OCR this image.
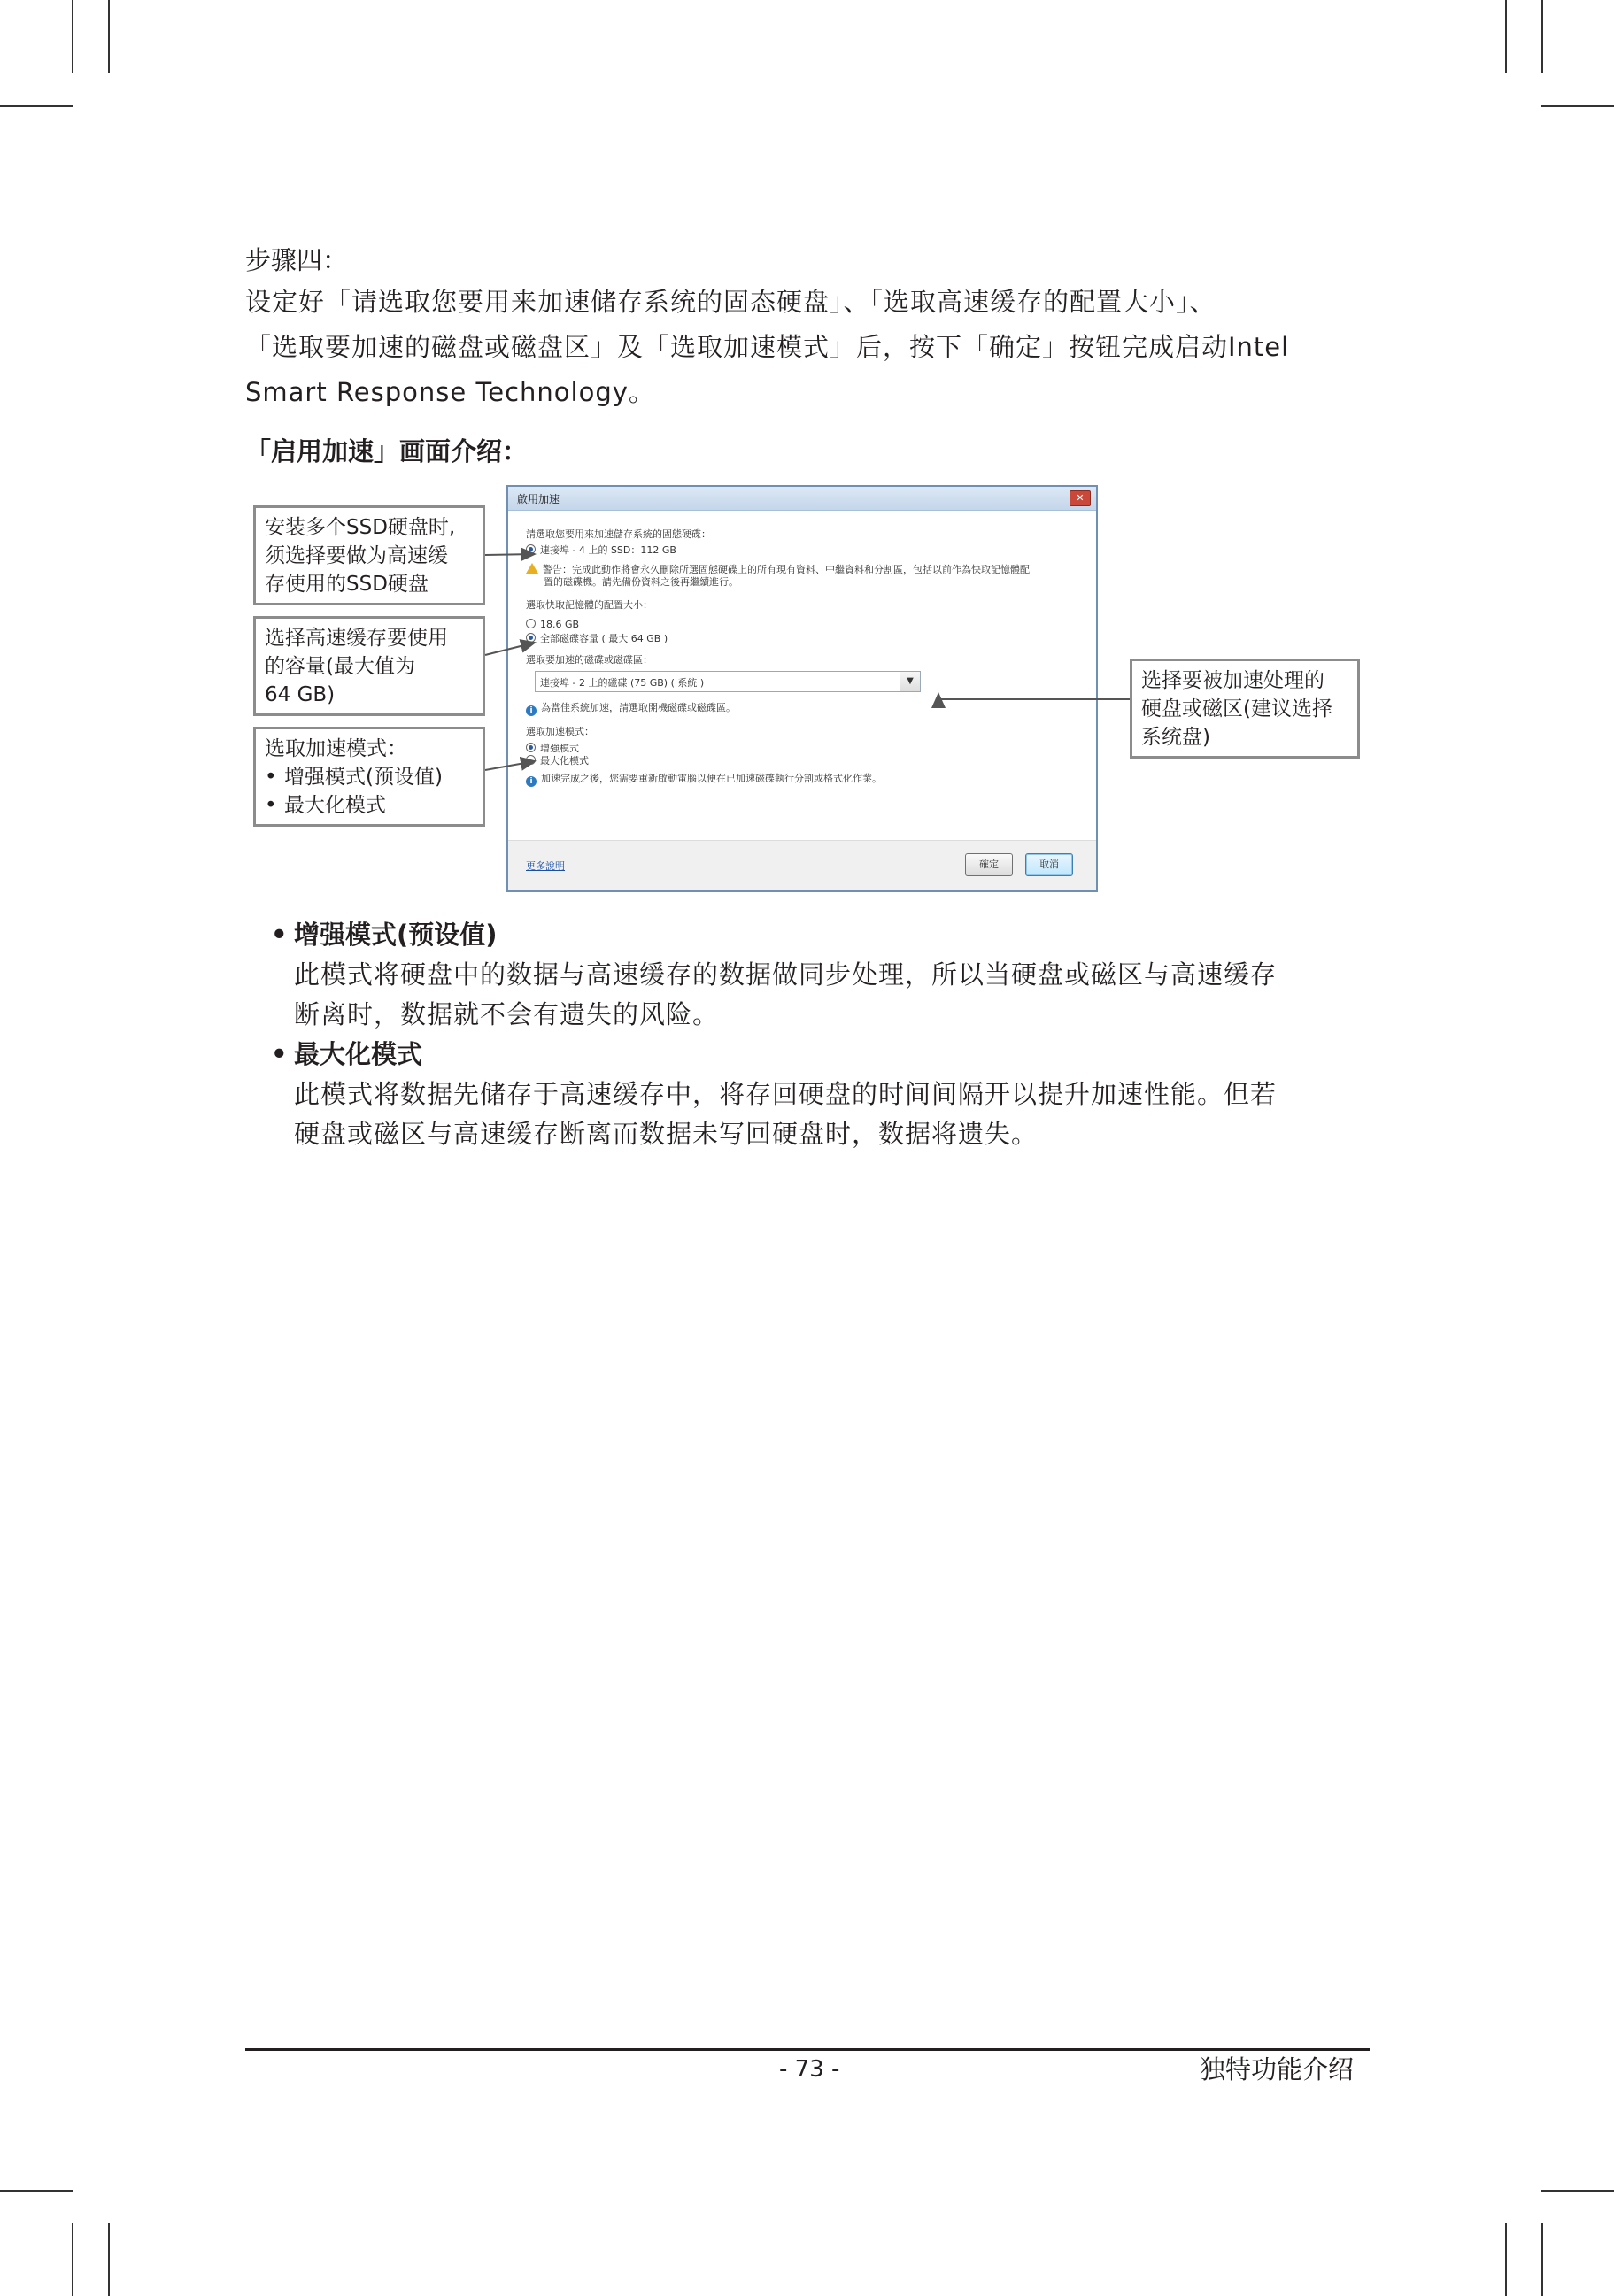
步骤四：

设定好「请选取您要用来加速储存系统的固态硬盘」、「选取高速缓存的配置大小」、

「选取要加速的磁盘或磁盘区」及「选取加速模式」后，按下「确定」按钮完成启动Intel

Smart Response Technology。

「启用加速」画面介绍：
安装多个SSD硬盘时,
须选择要做为高速缓
存使用的SSD硬盘
选择高速缓存要使用
的容量(最大值为
64 GB)
选取加速模式：
• 增强模式(预设值)
• 最大化模式
选择要被加速处理的
硬盘或磁区(建议选择
系统盘)
啟用加速	✕
請選取您要用來加速儲存系統的固態硬碟：
連接埠 - 4 上的 SSD：112 GB
警告：完成此動作將會永久刪除所選固態硬碟上的所有現有資料、中繼資料和分割區，包括以前作為快取記憶體配
置的磁碟機。請先備份資料之後再繼續進行。
選取快取記憶體的配置大小：
18.6 GB
全部磁碟容量 ( 最大 64 GB )
選取要加速的磁碟或磁碟區：
連接埠 - 2 上的磁碟 (75 GB) ( 系統 )	▼
i 為當佳系統加速，請選取開機磁碟或磁碟區。
選取加速模式：
增強模式
最大化模式
i 加速完成之後，您需要重新啟動電腦以便在已加速磁碟執行分割或格式化作業。
更多說明	確定	取消
• 增强模式(预设值)
此模式将硬盘中的数据与高速缓存的数据做同步处理，所以当硬盘或磁区与高速缓存
断离时，数据就不会有遗失的风险。
• 最大化模式
此模式将数据先储存于高速缓存中，将存回硬盘的时间间隔开以提升加速性能。但若
硬盘或磁区与高速缓存断离而数据未写回硬盘时，数据将遗失。
- 73 -	独特功能介绍
